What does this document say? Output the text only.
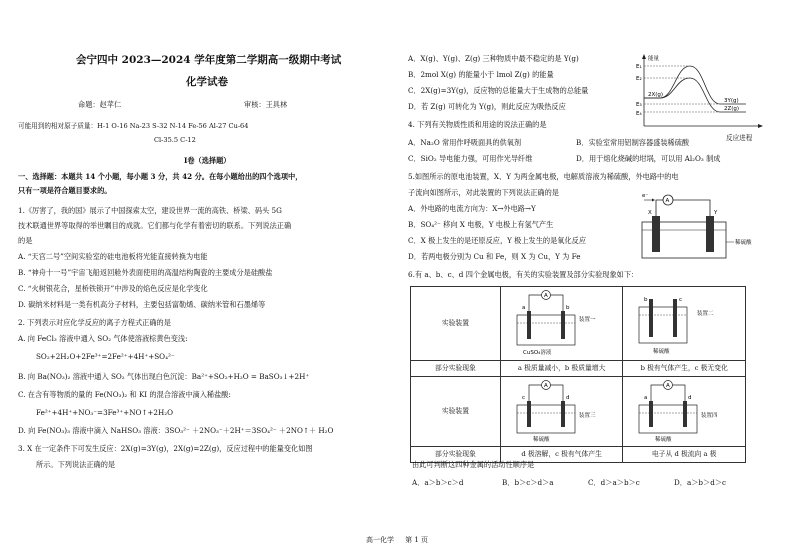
会宁四中 2023—2024 学年度第二学期高一级期中考试
化学试卷
命题：赵苹仁	审核：王具林
可能用到的相对原子质量：H-1 O-16 Na-23 S-32 N-14 Fe-56 Al-27 Cu-64
Cl-35.5 C-12
Ⅰ卷（选择题）
一、选择题：本题共 14 个小题，每小题 3 分，共 42 分。在每小题给出的四个选项中，
只有一项是符合题目要求的。
1.《厉害了，我的国》展示了中国探索太空，建设世界一流的高铁、桥梁、码头 5G
技术联通世界等取得的举世瞩目的成就。它们都与化学有着密切的联系。下列说法正确
的是
A. “天宫二号”空间实验室的硅电池板将光能直接转换为电能
B. “神舟十一号”宇宙飞船返回舱外表面使用的高温结构陶瓷的主要成分是硅酸盐
C. “火树银花合，星桥铁锁开”中涉及的焰色反应是化学变化
D. 碳纳米材料是一类有机高分子材料，主要包括富勒烯、碳纳米管和石墨烯等
2. 下列表示对应化学反应的离子方程式正确的是
A. 向 FeCl₃ 溶液中通入 SO₂ 气体使溶液棕黄色变浅:
SO₂+2H₂O+2Fe³⁺=2Fe²⁺+4H⁺+SO₄²⁻
B. 向 Ba(NO₃)₂ 溶液中通入 SO₂ 气体出现白色沉淀：Ba²⁺+SO₂+H₂O = BaSO₃↓+2H⁺
C. 在含有等物质的量的 Fe(NO₃)₂ 和 KI 的混合溶液中滴入稀盐酸:
Fe²⁺+4H⁺+NO₃⁻=3Fe³⁺+NO↑+2H₂O
D. 向 Fe(NO₃)₃ 溶液中滴入 NaHSO₃ 溶液：3SO₃²⁻ ＋2NO₃⁻＋2H⁺＝3SO₄²⁻ ＋2NO↑＋ H₂O
3. X 在一定条件下可发生反应：2X(g)=3Y(g)，2X(g)=2Z(g)，反应过程中的能量变化如图
所示。下列说法正确的是
A．X(g)、Y(g)、Z(g) 三种物质中最不稳定的是 Y(g)
B．2mol X(g) 的能量小于 lmol Z(g) 的能量
C．2X(g)=3Y(g)，反应物的总能量大于生成物的总能量
D．若 Z(g) 可转化为 Y(g)，则此反应为吸热反应
E₁
E₂
E₃
E₄
2X(g)
3Y(g)
2Z(g)
能量
反应进程
4. 下列有关物质性质和用途的说法正确的是
A．Na₂O 常用作呼吸面具的供氧剂	B．实验室常用铝制容器盛装稀硫酸
C．SiO₂ 导电能力强，可用作光导纤维	D．用于熔化烧碱的坩埚，可以用 Al₂O₃ 制成
5.如图所示的原电池装置，X、Y 为两金属电极，电解质溶液为稀硫酸，外电路中的电
子流向如图所示，对此装置的下列说法正确的是
A．外电路的电流方向为：X→外电路→Y
B．SO₄²⁻ 移向 X 电极，Y 电极上有氢气产生
C．X 极上发生的是还原反应，Y 极上发生的是氧化反应
D．若两电极分别为 Cu 和 Fe，则 X 为 Cu，Y 为 Fe
A
e⁻
X	Y
稀硫酸
6.有 a、b、c、d 四个金属电极，有关的实验装置及部分实验现象如下：
实验装置	A
a b
装置一
CuSO₄溶液	b c
装置二
稀硫酸

部分实验现象	a 极质量减小，b 极质量增大	b 极有气体产生，c 极无变化
实验装置	A
c d
装置三
稀硫酸	A
a d
装置四
稀硫酸

部分实验现象	d 极溶解，c 极有气体产生	电子从 d 极流向 a 极
由此可判断这四种金属的活动性顺序是
A．a＞b＞c＞d	B．b＞c＞d＞a	C．d＞a＞b＞c	D．a＞b＞d＞c
高一化学 第 1 页
